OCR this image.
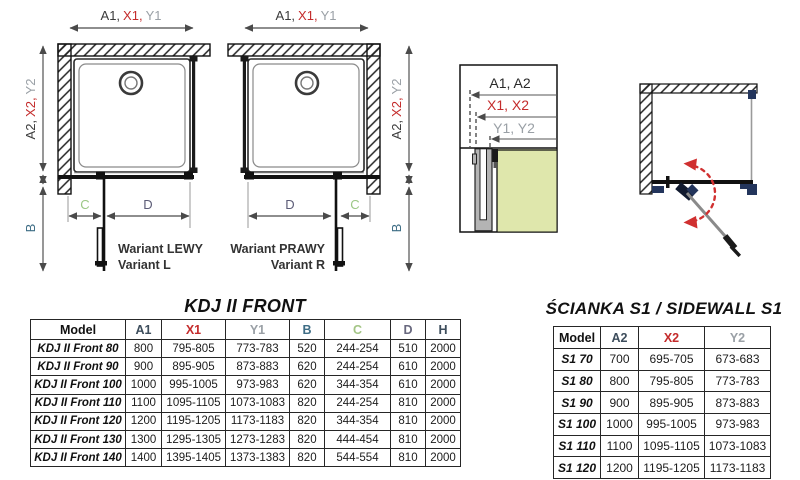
A1, X1, Y1
A2,X2,Y2
B
C	D
Wariant LEWY
Variant L
A1, X1, Y1
A2,X2,Y2
B
D	C
Wariant PRAWY
Variant R
A1, A2
X1, X2
Y1, Y2
KDJ II FRONT
Model	A1	X1	Y1	B	C	D	H
KDJ II Front 80	800	795-805	773-783	520	244-254	510	2000
KDJ II Front 90	900	895-905	873-883	620	244-254	610	2000
KDJ II Front 100	1000	995-1005	973-983	620	344-354	610	2000
KDJ II Front 110	1100	1095-1105	1073-1083	820	244-254	810	2000
KDJ II Front 120	1200	1195-1205	1173-1183	820	344-354	810	2000
KDJ II Front 130	1300	1295-1305	1273-1283	820	444-454	810	2000
KDJ II Front 140	1400	1395-1405	1373-1383	820	544-554	810	2000
ŚCIANKA S1 / SIDEWALL S1
Model	A2	X2	Y2
S1 70	700	695-705	673-683
S1 80	800	795-805	773-783
S1 90	900	895-905	873-883
S1 100	1000	995-1005	973-983
S1 110	1100	1095-1105	1073-1083
S1 120	1200	1195-1205	1173-1183
